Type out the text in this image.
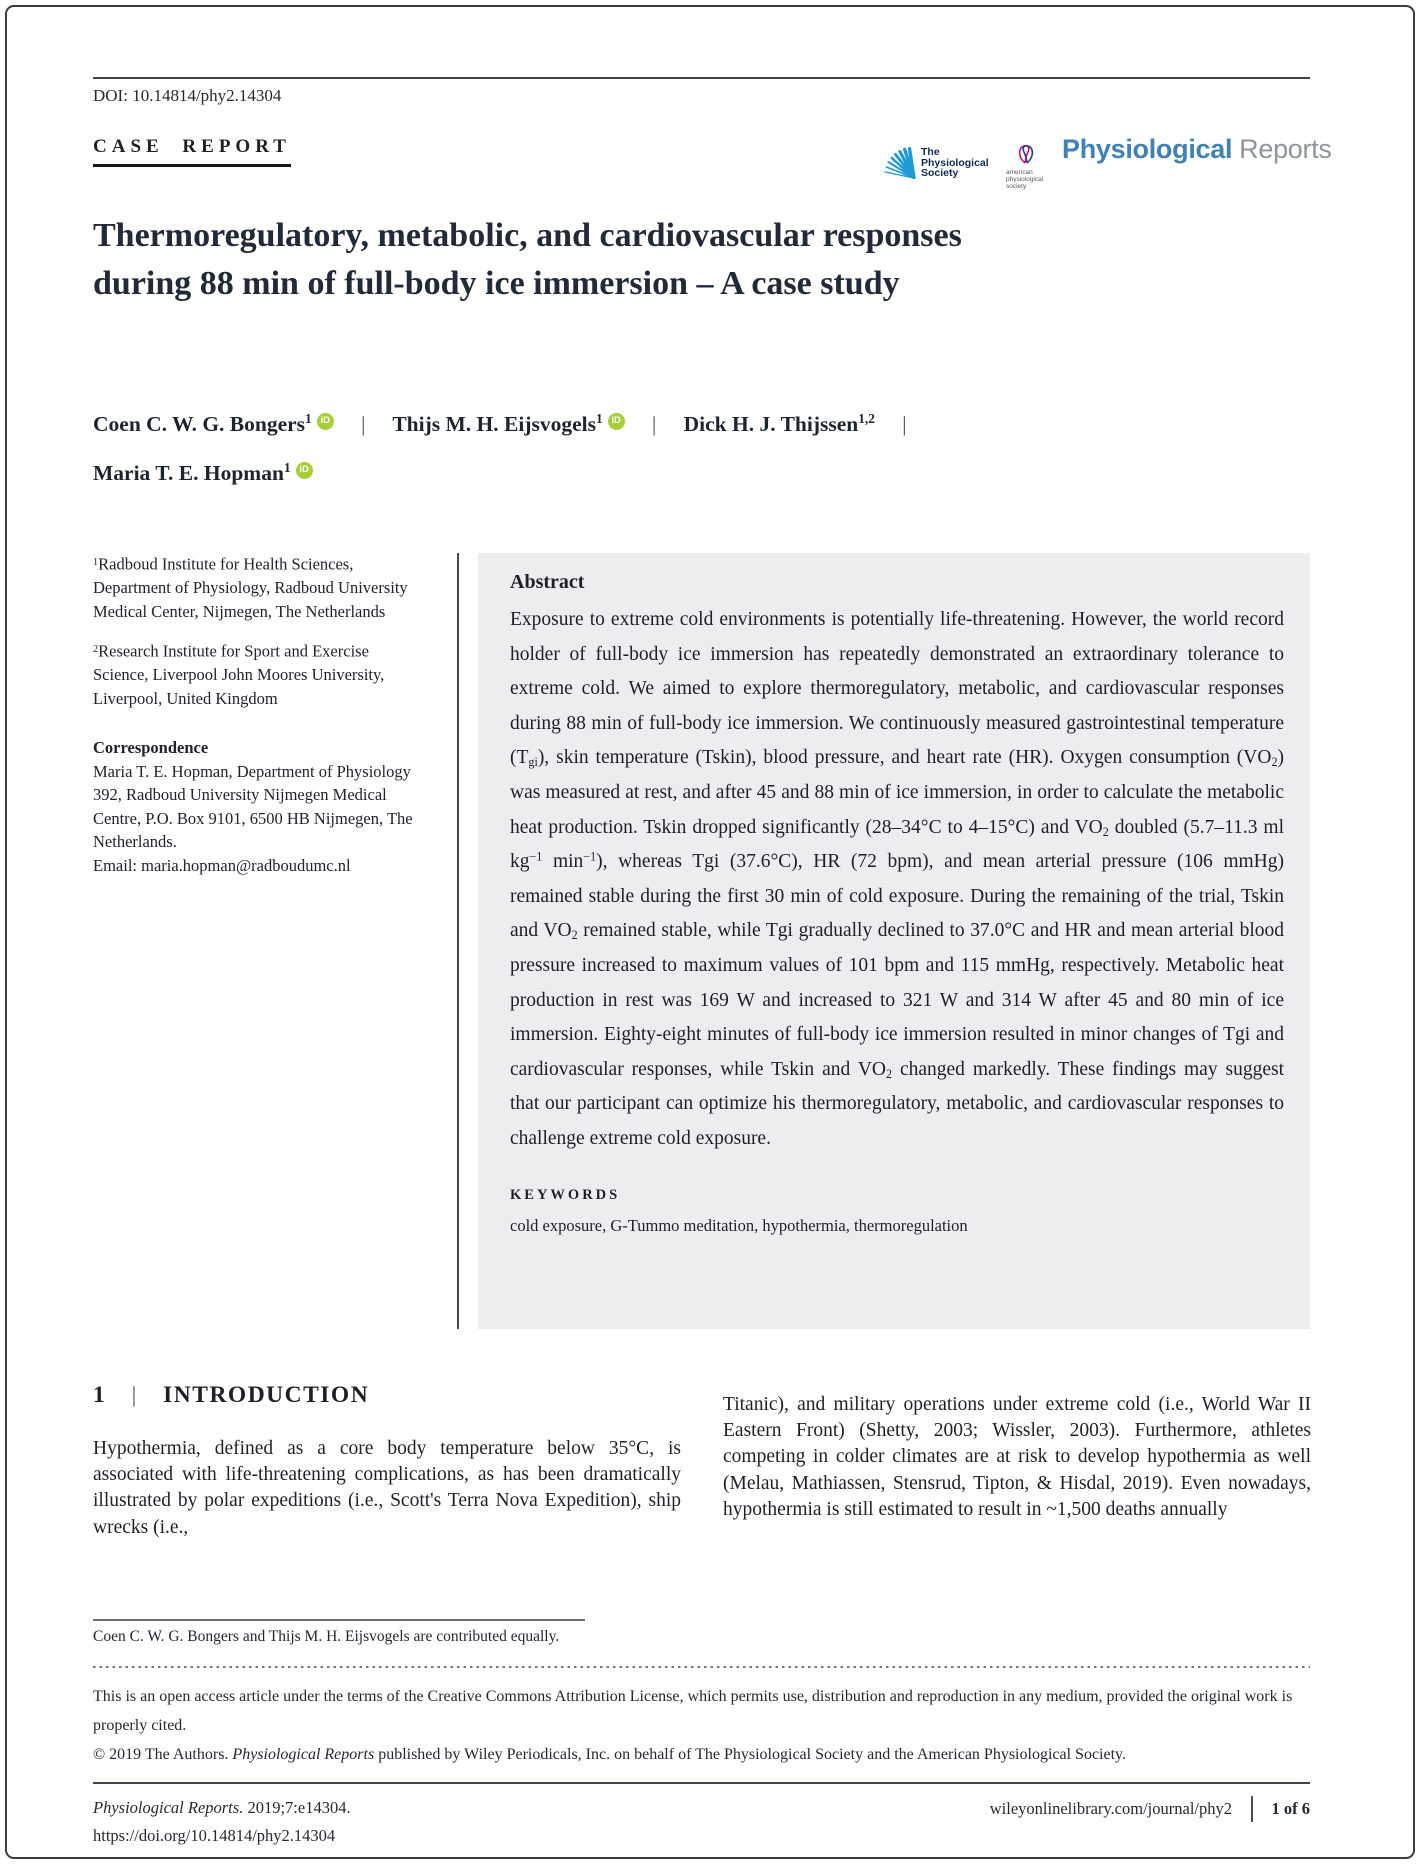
DOI: 10.14814/phy2.14304
CASE REPORT	The
Physiological
Society	american
physiological
society
Physiological Reports
Thermoregulatory, metabolic, and cardiovascular responses
during 88 min of full-body ice immersion – A case study
Coen C. W. G. Bongers$^1$ iD | Thijs M. H. Eijsvogels$^1$ iD | Dick H. J. Thijssen$^{1,2}$ |
Maria T. E. Hopman$^1$ iD
$^1$Radboud Institute for Health Sciences, Department of Physiology, Radboud University Medical Center, Nijmegen, The Netherlands
$^2$Research Institute for Sport and Exercise Science, Liverpool John Moores University, Liverpool, United Kingdom
Correspondence
Maria T. E. Hopman, Department of Physiology 392, Radboud University Nijmegen Medical Centre, P.O. Box 9101, 6500 HB Nijmegen, The Netherlands.
Email: maria.hopman@radboudumc.nl
Abstract
Exposure to extreme cold environments is potentially life-threatening. However, the world record holder of full-body ice immersion has repeatedly demonstrated an extraordinary tolerance to extreme cold. We aimed to explore thermoregulatory, metabolic, and cardiovascular responses during 88 min of full-body ice immersion. We continuously measured gastrointestinal temperature $(T_{gi})$, skin temperature (Tskin), blood pressure, and heart rate (HR). Oxygen consumption $(VO_2)$ was measured at rest, and after 45 and 88 min of ice immersion, in order to calculate the metabolic heat production. Tskin dropped significantly (28–34°C to 4–15°C) and $VO_2$ doubled (5.7–11.3 ml $kg^{-1}$ $\min^{-1}$), whereas Tgi (37.6°C), HR (72 bpm), and mean arterial pressure (106 mmHg) remained stable during the first 30 min of cold exposure. During the remaining of the trial, Tskin and $VO_2$ remained stable, while Tgi gradually declined to 37.0°C and HR and mean arterial blood pressure increased to maximum values of 101 bpm and 115 mmHg, respectively. Metabolic heat production in rest was 169 W and increased to 321 W and 314 W after 45 and 80 min of ice immersion. Eighty-eight minutes of full-body ice immersion resulted in minor changes of Tgi and cardiovascular responses, while Tskin and $VO_2$ changed markedly. These findings may suggest that our participant can optimize his thermoregulatory, metabolic, and cardiovascular responses to challenge extreme cold exposure.
KEYWORDS
cold exposure, G-Tummo meditation, hypothermia, thermoregulation
1 | INTRODUCTION
Hypothermia, defined as a core body temperature below 35°C, is associated with life-threatening complications, as has been dramatically illustrated by polar expeditions (i.e., Scott's Terra Nova Expedition), ship wrecks (i.e.,
Titanic), and military operations under extreme cold (i.e., World War II Eastern Front) (Shetty, 2003; Wissler, 2003). Furthermore, athletes competing in colder climates are at risk to develop hypothermia as well (Melau, Mathiassen, Stensrud, Tipton, & Hisdal, 2019). Even nowadays, hypothermia is still estimated to result in ~1,500 deaths annually
Coen C. W. G. Bongers and Thijs M. H. Eijsvogels are contributed equally.
This is an open access article under the terms of the Creative Commons Attribution License, which permits use, distribution and reproduction in any medium, provided the original work is properly cited.
© 2019 The Authors. Physiological Reports published by Wiley Periodicals, Inc. on behalf of The Physiological Society and the American Physiological Society.
Physiological Reports. 2019;7:e14304.
https://doi.org/10.14814/phy2.14304
wileyonlinelibrary.com/journal/phy2 1 of 6
